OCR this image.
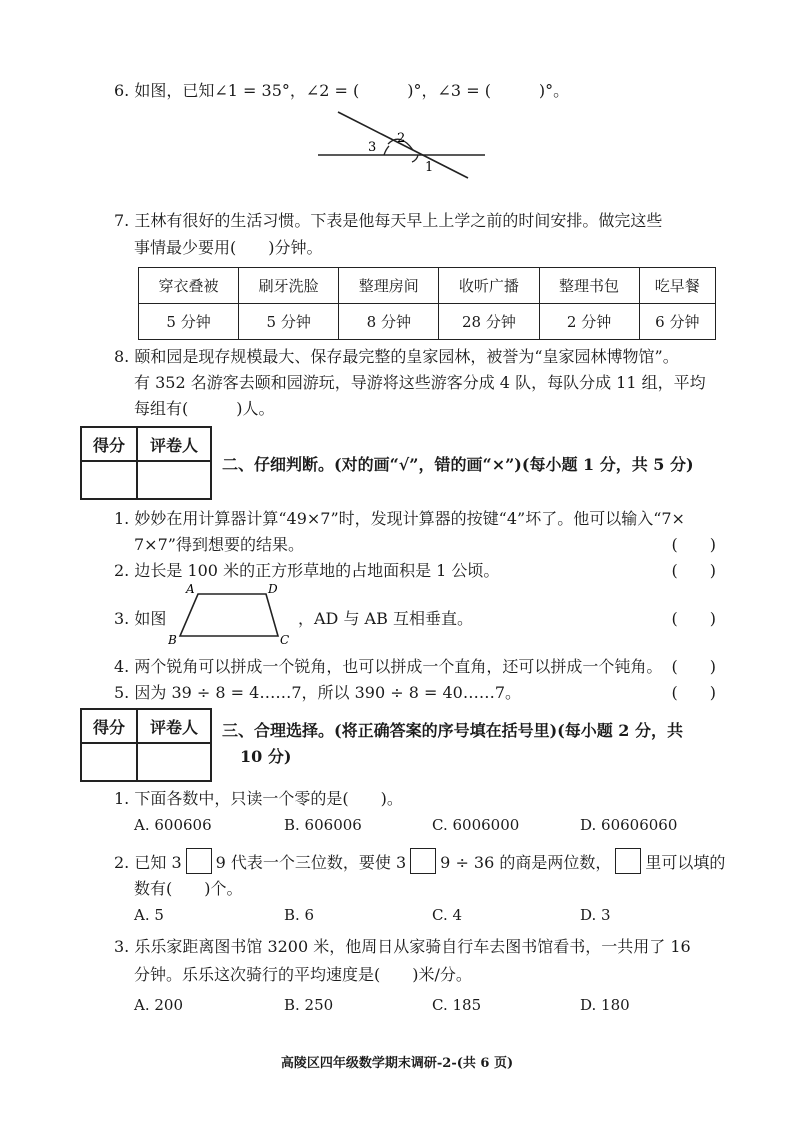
6. 如图，已知∠1 = 35°，∠2 = (　　　)°，∠3 = (　　　)°。
2
3
1
7. 王林有很好的生活习惯。下表是他每天早上上学之前的时间安排。做完这些
事情最少要用(　　)分钟。
穿衣叠被	刷牙洗脸	整理房间	收听广播	整理书包	吃早餐
5 分钟	5 分钟	8 分钟	28 分钟	2 分钟	6 分钟
8. 颐和园是现存规模最大、保存最完整的皇家园林，被誉为“皇家园林博物馆”。
有 352 名游客去颐和园游玩，导游将这些游客分成 4 队，每队分成 11 组，平均
每组有(　　　)人。
得分	评卷人

二、仔细判断。(对的画“√”，错的画“×”)(每小题 1 分，共 5 分)
1. 妙妙在用计算器计算“49×7”时，发现计算器的按键“4”坏了。他可以输入“7×
7×7”得到想要的结果。	(　　)
2. 边长是 100 米的正方形草地的占地面积是 1 公顷。	(　　)
3. 如图
A	D
B	C
，AD 与 AB 互相垂直。	(　　)
4. 两个锐角可以拼成一个锐角，也可以拼成一个直角，还可以拼成一个钝角。 (　　)
5. 因为 39 ÷ 8 = 4……7，所以 390 ÷ 8 = 40……7。	(　　)
得分	评卷人
	三、合理选择。(将正确答案的序号填在括号里)(每小题 2 分，共
10 分)
1. 下面各数中，只读一个零的是(　　)。
A. 600606	B. 606006	C. 6006000	D. 60606060
2. 已知 3 9 代表一个三位数，要使 3 9 ÷ 36 的商是两位数， 里可以填的
数有(　　)个。
A. 5	B. 6	C. 4	D. 3
3. 乐乐家距离图书馆 3200 米，他周日从家骑自行车去图书馆看书，一共用了 16
分钟。乐乐这次骑行的平均速度是(　　)米/分。
A. 200	B. 250	C. 185	D. 180
高陵区四年级数学期末调研-2-(共 6 页)
